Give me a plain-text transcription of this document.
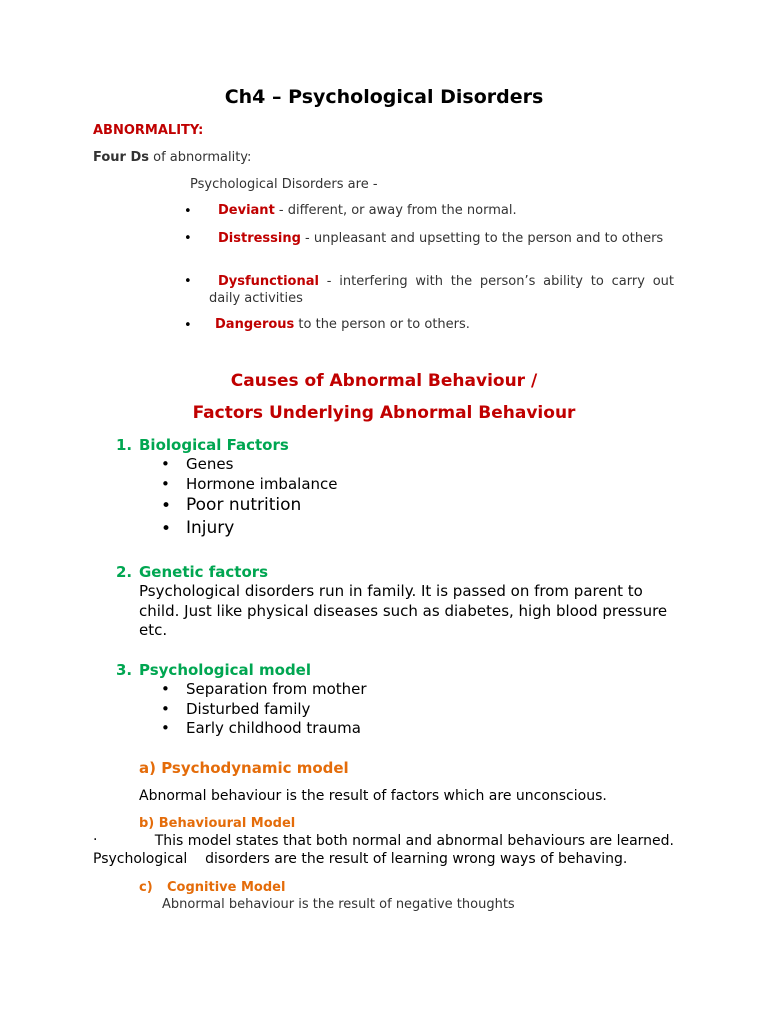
Ch4 – Psychological Disorders
ABNORMALITY:
Four Ds of abnormality:
Psychological Disorders are -
• Deviant - different, or away from the normal.
•	Distressing - unpleasant and upsetting to the person and to others
•	Dysfunctional - interfering with the person’s ability to carry out daily activities
• Dangerous to the person or to others.
Causes of Abnormal Behaviour /
Factors Underlying Abnormal Behaviour
1. Biological Factors
• Genes
• Hormone imbalance
• Poor nutrition
• Injury
2. Genetic factors
Psychological disorders run in family. It is passed on from parent to child. Just like physical diseases such as diabetes, high blood pressure etc.
3. Psychological model
• Separation from mother
• Disturbed family
• Early childhood trauma
a) Psychodynamic model
Abnormal behaviour is the result of factors which are unconscious.
b) Behavioural Model
·	This model states that both normal and abnormal behaviours are learned.
Psychological    disorders are the result of learning wrong ways of behaving.
c) Cognitive Model
Abnormal behaviour is the result of negative thoughts
